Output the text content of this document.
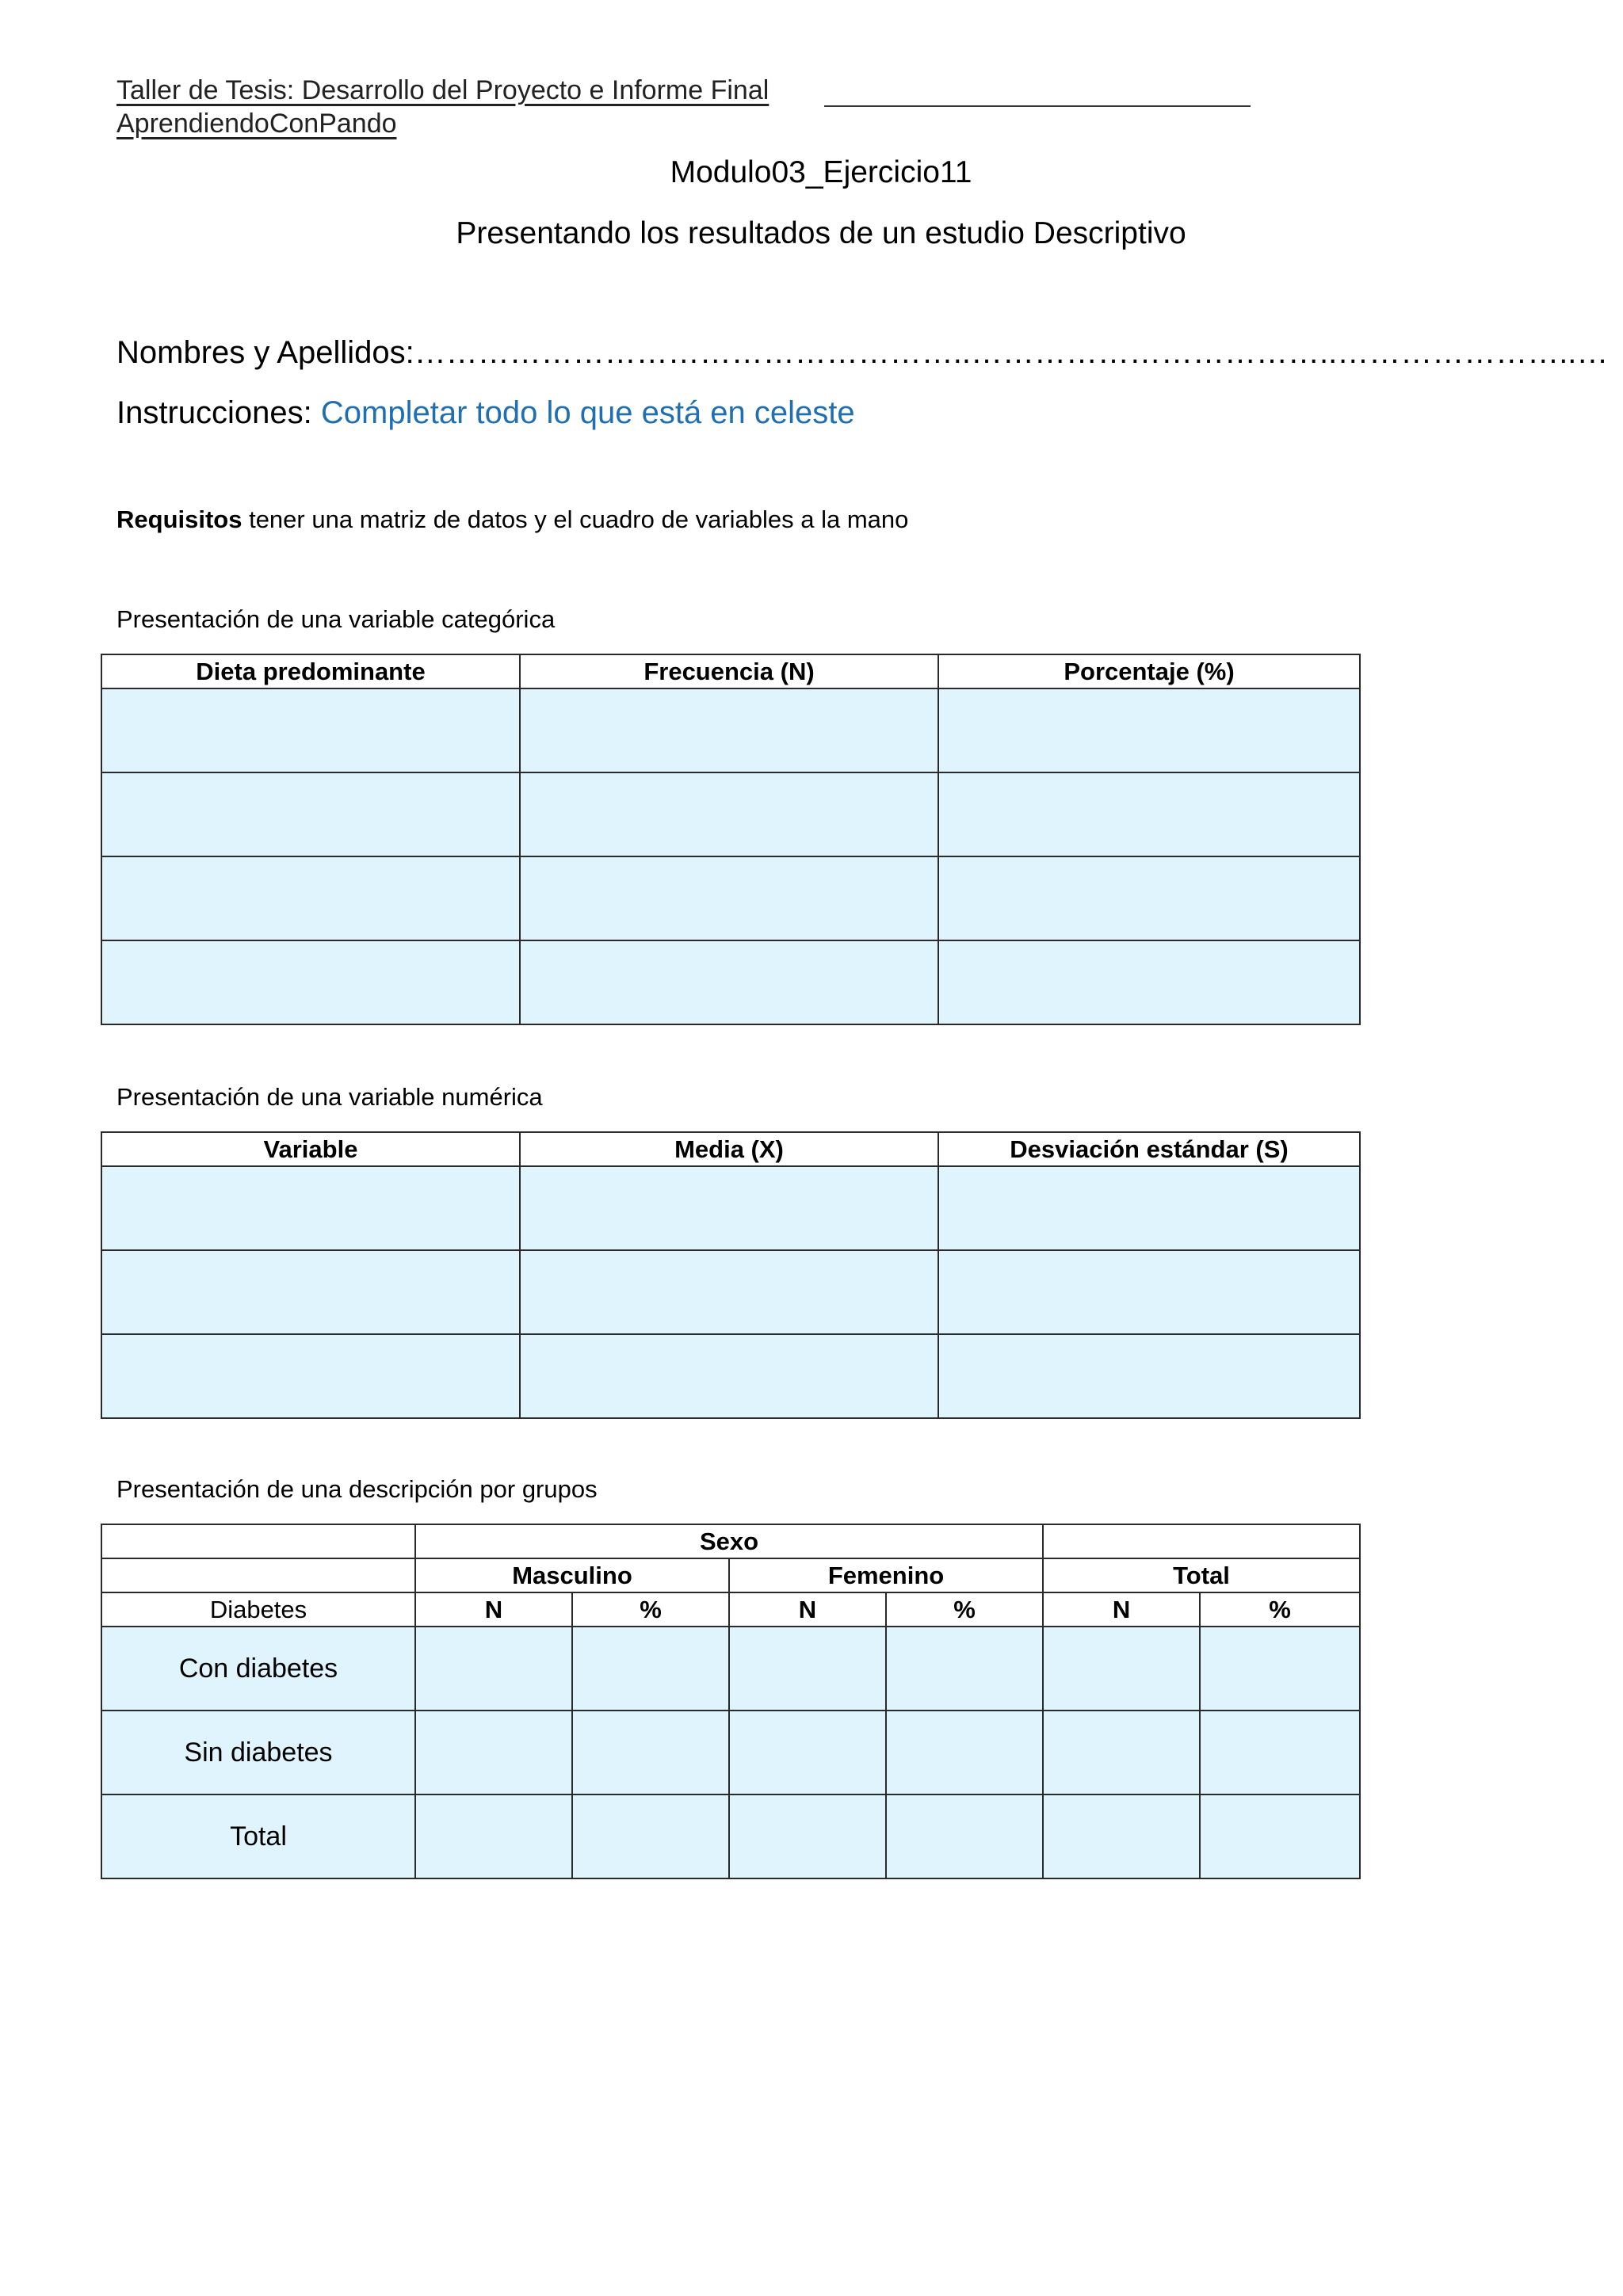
Taller de Tesis: Desarrollo del Proyecto e Informe Final
AprendiendoConPando
Modulo03_Ejercicio11
Presentando los resultados de un estudio Descriptivo
Nombres y Apellidos:……………………………………………..……………………………..…………………..…
Instrucciones: Completar todo lo que está en celeste
Requisitos tener una matriz de datos y el cuadro de variables a la mano
Presentación de una variable categórica
Dieta predominante	Frecuencia (N)	Porcentaje (%)

Presentación de una variable numérica
Variable	Media (X)	Desviación estándar (S)

Presentación de una descripción por grupos
	Sexo					
	Masculino		Femenino		Total	
Diabetes	N	%	N	%	N	%
Con diabetes						
Sin diabetes						
Total						
